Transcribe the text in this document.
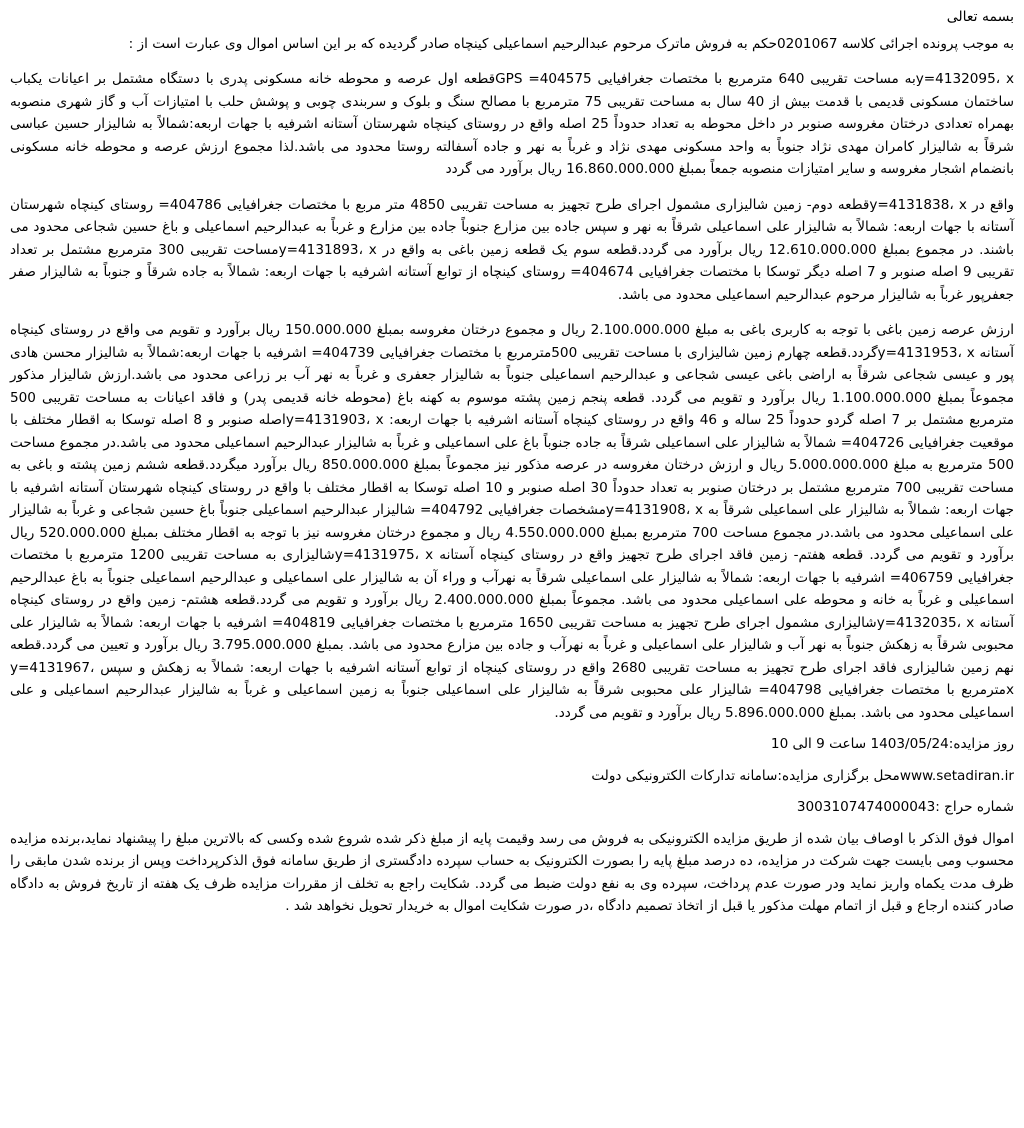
بسمه تعالی

به موجب پرونده اجرائی کلاسه 0201067حکم به فروش ماترک مرحوم عبدالرحیم اسماعیلی کینچاه صادر گردیده که بر این اساس اموال وی عبارت است از :

y=4132095، xبه مساحت تقریبی 640 مترمربع با مختصات جغرافیایی GPS =404575قطعه اول عرصه و محوطه خانه مسکونی پدری با دستگاه مشتمل بر اعیانات یکباب ساختمان مسکونی قدیمی با قدمت بیش از 40 سال به مساحت تقریبی 75 مترمربع با مصالح سنگ و بلوک و سربندی چوبی و پوشش حلب با امتیازات آب و گاز شهری منصوبه بهمراه تعدادی درختان مغروسه صنوبر در داخل محوطه به تعداد حدوداً 25 اصله واقع در روستای کینچاه شهرستان آستانه اشرفیه با جهات اربعه:شمالاً به شالیزار حسین عباسی شرقاً به شالیزار کامران مهدی نژاد جنوباً به واحد مسکونی مهدی نژاد و غرباً به نهر و جاده آسفالته روستا محدود می باشد.لذا مجموع ارزش عرصه و محوطه خانه مسکونی بانضمام اشجار مغروسه و سایر امتیازات منصوبه جمعاً بمبلغ 16.860.000.000 ریال برآورد می گردد

واقع در y=4131838، xقطعه دوم- زمین شالیزاری مشمول اجرای طرح تجهیز به مساحت تقریبی 4850 متر مربع با مختصات جغرافیایی 404786= روستای کینچاه شهرستان آستانه با جهات اربعه: شمالاً به شالیزار علی اسماعیلی شرقاً به نهر و سپس جاده بین مزارع جنوباً جاده بین مزارع و غرباً به عبدالرحیم اسماعیلی و باغ حسین شجاعی محدود می باشند. در مجموع بمبلغ 12.610.000.000 ریال برآورد می گردد.قطعه سوم یک قطعه زمین باغی به واقع در y=4131893، xمساحت تقریبی 300 مترمربع مشتمل بر تعداد تقریبی 9 اصله صنوبر و 7 اصله دیگر توسکا با مختصات جغرافیایی 404674= روستای کینچاه از توابع آستانه اشرفیه با جهات اربعه: شمالاً به جاده شرقاً و جنوباً به شالیزار صفر جعفرپور غرباً به شالیزار مرحوم عبدالرحیم اسماعیلی محدود می باشد.

ارزش عرصه زمین باغی با توجه به کاربری باغی به مبلغ 2.100.000.000 ریال و مجموع درختان مغروسه بمبلغ 150.000.000 ریال برآورد و تقویم می واقع در روستای کینچاه آستانه y=4131953، xگردد.قطعه چهارم زمین شالیزاری با مساحت تقریبی 500مترمربع با مختصات جغرافیایی 404739= اشرفیه با جهات اربعه:شمالاً به شالیزار محسن هادی پور و عیسی شجاعی شرقاً به اراضی باغی عیسی شجاعی و عبدالرحیم اسماعیلی جنوباً به شالیزار جعفری و غرباً به نهر آب بر زراعی محدود می باشد.ارزش شالیزار مذکور مجموعاً بمبلغ 1.100.000.000 ریال برآورد و تقویم می گردد. قطعه پنجم زمین پشته موسوم به کهنه باغ (محوطه خانه قدیمی پدر) و فاقد اعیانات به مساحت تقریبی 500 مترمربع مشتمل بر 7 اصله گردو حدوداً 25 ساله و 46 واقع در روستای کینچاه آستانه اشرفیه با جهات اربعه: y=4131903، xاصله صنوبر و 8 اصله توسکا به اقطار مختلف با موقعیت جغرافیایی 404726= شمالاً به شالیزار علی اسماعیلی شرقاً به جاده جنوباً باغ علی اسماعیلی و غرباً به شالیزار عبدالرحیم اسماعیلی محدود می باشد.در مجموع مساحت 500 مترمربع به مبلغ 5.000.000.000 ریال و ارزش درختان مغروسه در عرصه مذکور نیز مجموعاً بمبلغ 850.000.000 ریال برآورد میگردد.قطعه ششم زمین پشته و باغی به مساحت تقریبی 700 مترمربع مشتمل بر درختان صنوبر به تعداد حدوداً 30 اصله صنوبر و 10 اصله توسکا به اقطار مختلف با واقع در روستای کینچاه شهرستان آستانه اشرفیه با جهات اربعه: شمالاً به شالیزار علی اسماعیلی شرقاً به y=4131908، xمشخصات جغرافیایی 404792= شالیزار عبدالرحیم اسماعیلی جنوباً باغ حسین شجاعی و غرباً به شالیزار علی اسماعیلی محدود می باشد.در مجموع مساحت 700 مترمربع بمبلغ 4.550.000.000 ریال و مجموع درختان مغروسه نیز با توجه به اقطار مختلف بمبلغ 520.000.000 ریال برآورد و تقویم می گردد. قطعه هفتم- زمین فاقد اجرای طرح تجهیز واقع در روستای کینچاه آستانه y=4131975، xشالیزاری به مساحت تقریبی 1200 مترمربع با مختصات جغرافیایی 406759= اشرفیه با جهات اربعه: شمالاً به شالیزار علی اسماعیلی شرقاً به نهرآب و وراء آن به شالیزار علی اسماعیلی و عبدالرحیم اسماعیلی جنوباً به باغ عبدالرحیم اسماعیلی و غرباً به خانه و محوطه علی اسماعیلی محدود می باشد. مجموعاً بمبلغ 2.400.000.000 ریال برآورد و تقویم می گردد.قطعه هشتم- زمین واقع در روستای کینچاه آستانه y=4132035، xشالیزاری مشمول اجرای طرح تجهیز به مساحت تقریبی 1650 مترمربع با مختصات جغرافیایی 404819= اشرفیه با جهات اربعه: شمالاً به شالیزار علی محبوبی شرقاً به زهکش جنوباً به نهر آب و شالیزار علی اسماعیلی و غرباً به نهرآب و جاده بین مزارع محدود می باشد. بمبلغ 3.795.000.000 ریال برآورد و تعیین می گردد.قطعه نهم زمین شالیزاری فاقد اجرای طرح تجهیز به مساحت تقریبی 2680 واقع در روستای کینچاه از توابع آستانه اشرفیه با جهات اربعه: شمالاً به زهکش و سپس y=4131967، xمترمربع با مختصات جغرافیایی 404798= شالیزار علی محبوبی شرقاً به شالیزار علی اسماعیلی جنوباً به زمین اسماعیلی و غرباً به شالیزار عبدالرحیم اسماعیلی و علی اسماعیلی محدود می باشد. بمبلغ 5.896.000.000 ریال برآورد و تقویم می گردد.

روز مزایده:1403/05/24 ساعت 9 الی 10

www.setadiran.irمحل برگزاری مزایده:سامانه تدارکات الکترونیکی دولت

شماره حراج :3003107474000043

اموال فوق الذکر با اوصاف بیان شده از طریق مزایده الکترونیکی به فروش می رسد وقیمت پایه از مبلغ ذکر شده شروع شده وکسی که بالاترین مبلغ را پیشنهاد نماید،برنده مزایده محسوب ومی بایست جهت شرکت در مزایده، ده درصد مبلغ پایه را بصورت الکترونیک به حساب سپرده دادگستری از طریق سامانه فوق الذکرپرداخت وپس از برنده شدن مابقی را ظرف مدت یکماه واریز نماید ودر صورت عدم پرداخت، سپرده وی به نفع دولت ضبط می گردد. شکایت راجع به تخلف از مقررات مزایده ظرف یک هفته از تاریخ فروش به دادگاه صادر کننده ارجاع و قبل از اتمام مهلت مذکور یا قبل از اتخاذ تصمیم دادگاه ،در صورت شکایت اموال به خریدار تحویل نخواهد شد .
